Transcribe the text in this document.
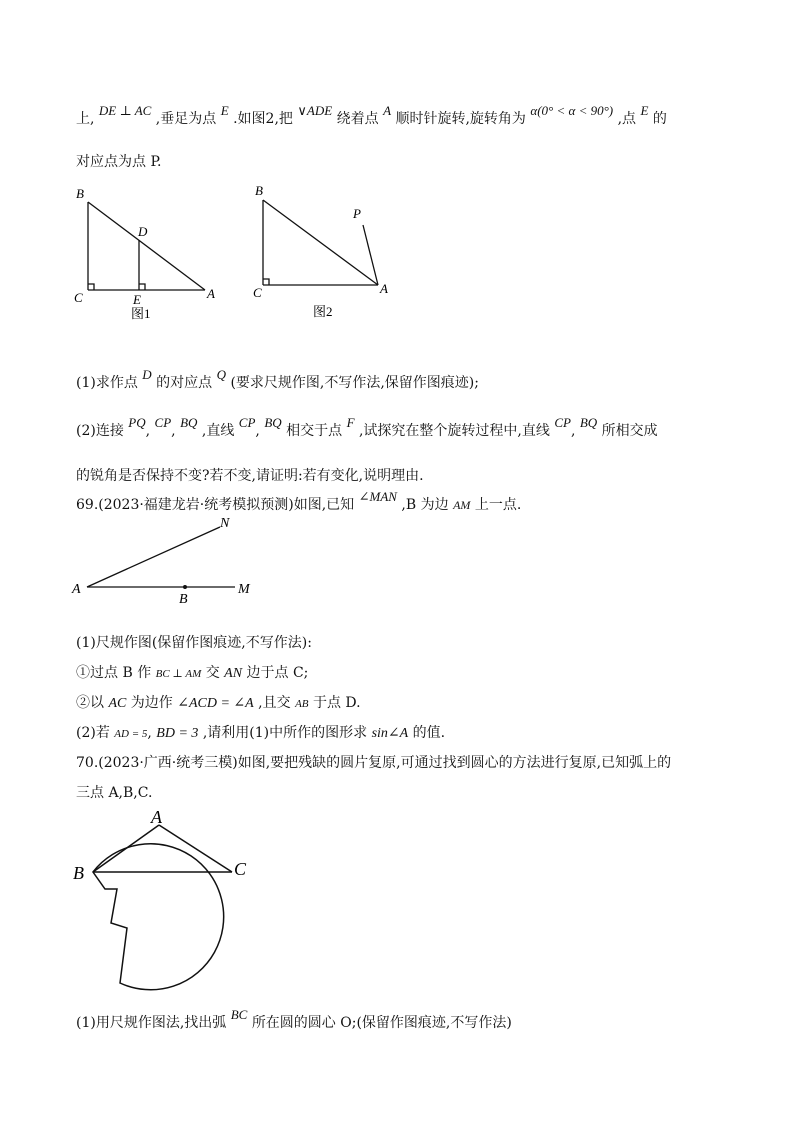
上, DE ⊥ AC ,垂足为点 E .如图2,把 ∨ADE 绕着点 A 顺时针旋转,旋转角为 α(0° < α < 90°) ,点 E 的
对应点为点 P.
B
D
C	E	A
图1
B
P
C	A
图2
(1)求作点 D 的对应点 Q (要求尺规作图,不写作法,保留作图痕迹);
(2)连接 PQ, CP, BQ ,直线 CP, BQ 相交于点 F ,试探究在整个旋转过程中,直线 CP, BQ 所相交成
的锐角是否保持不变?若不变,请证明:若有变化,说明理由.
69.(2023·福建龙岩·统考模拟预测)如图,已知 ∠MAN ,B 为边 AM 上一点.
N
A
B
M
(1)尺规作图(保留作图痕迹,不写作法):
①过点 B 作 BC ⊥ AM 交 AN 边于点 C;
②以 AC 为边作 ∠ACD = ∠A ,且交 AB 于点 D.
(2)若 AD = 5, BD = 3 ,请利用(1)中所作的图形求 sin∠A 的值.
70.(2023·广西·统考三模)如图,要把残缺的圆片复原,可通过找到圆心的方法进行复原,已知弧上的
三点 A,B,C.
A
B	C
(1)用尺规作图法,找出弧 BC 所在圆的圆心 O;(保留作图痕迹,不写作法)
